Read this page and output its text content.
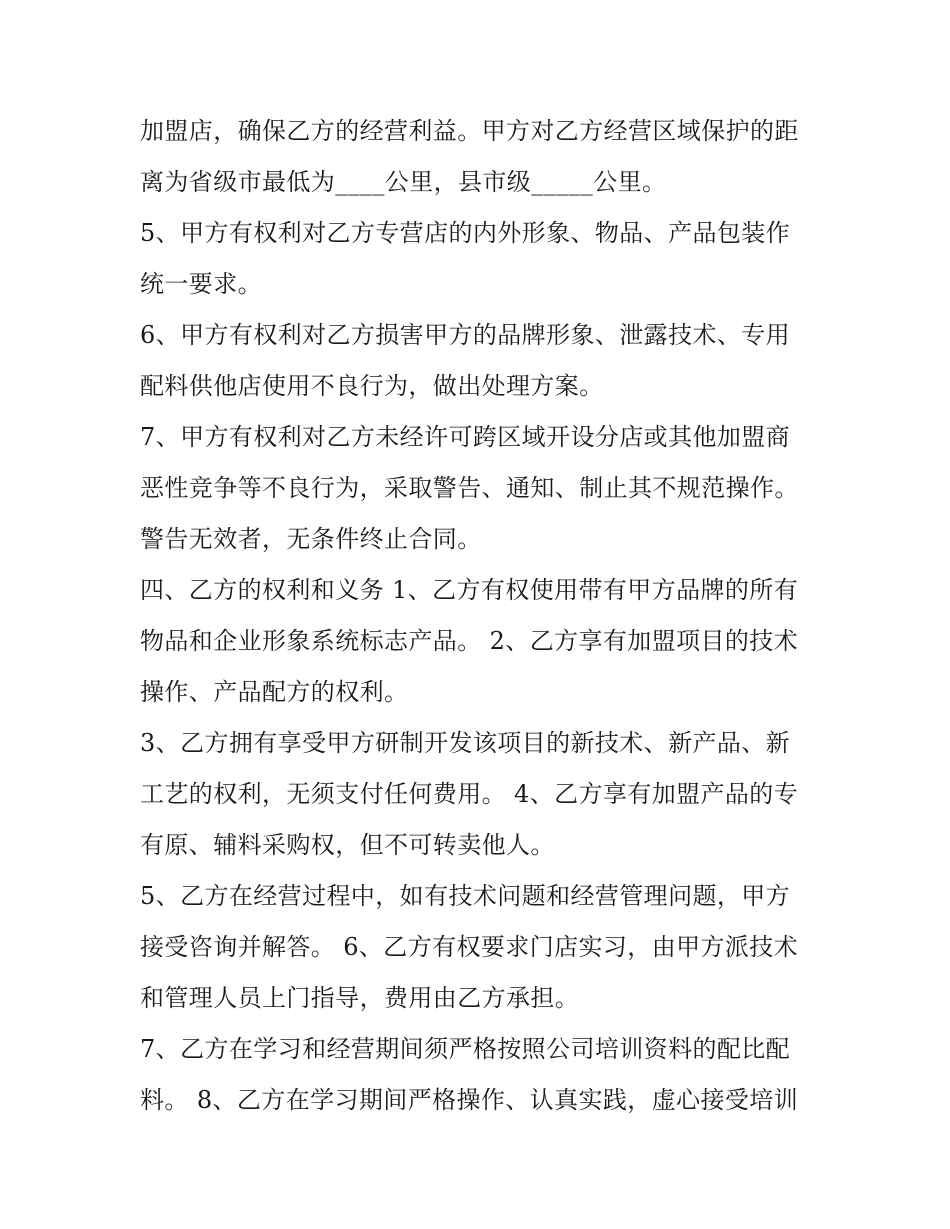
加盟店，确保乙方的经营利益。甲方对乙方经营区域保护的距
离为省级市最低为____公里，县市级_____公里。
5、甲方有权利对乙方专营店的内外形象、物品、产品包装作
统一要求。
6、甲方有权利对乙方损害甲方的品牌形象、泄露技术、专用
配料供他店使用不良行为，做出处理方案。
7、甲方有权利对乙方未经许可跨区域开设分店或其他加盟商
恶性竞争等不良行为，采取警告、通知、制止其不规范操作。
警告无效者，无条件终止合同。
四、乙方的权利和义务 1、乙方有权使用带有甲方品牌的所有
物品和企业形象系统标志产品。 2、乙方享有加盟项目的技术
操作、产品配方的权利。
3、乙方拥有享受甲方研制开发该项目的新技术、新产品、新
工艺的权利，无须支付任何费用。 4、乙方享有加盟产品的专
有原、辅料采购权，但不可转卖他人。
5、乙方在经营过程中，如有技术问题和经营管理问题，甲方
接受咨询并解答。 6、乙方有权要求门店实习，由甲方派技术
和管理人员上门指导，费用由乙方承担。
7、乙方在学习和经营期间须严格按照公司培训资料的配比配
料。 8、乙方在学习期间严格操作、认真实践，虚心接受培训
